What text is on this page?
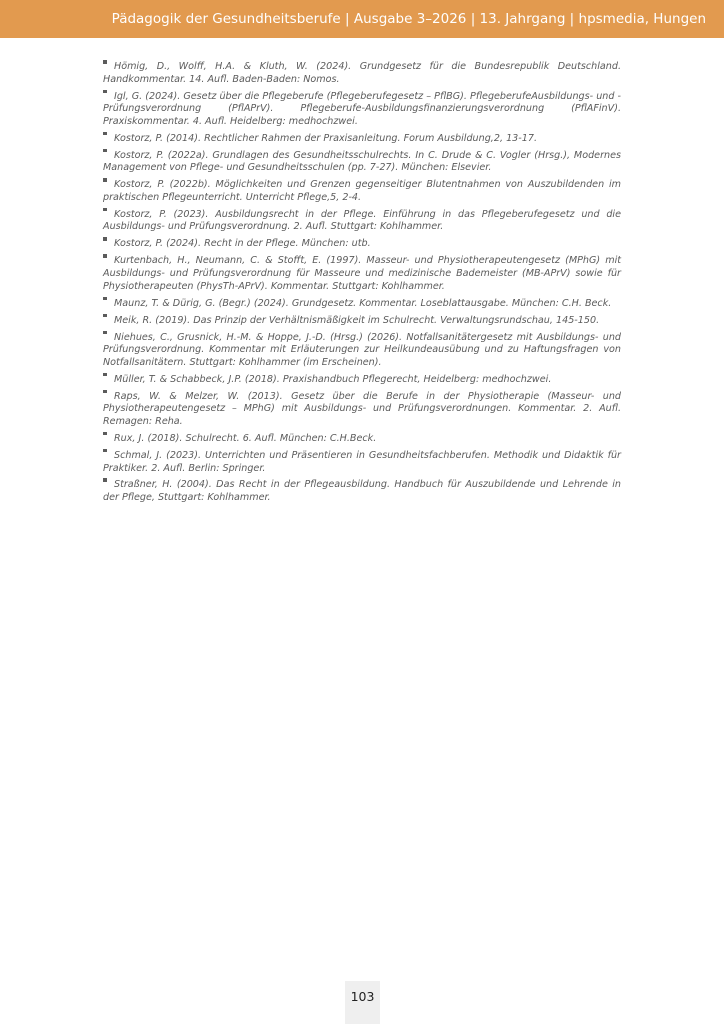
Pädagogik der Gesundheitsberufe | Ausgabe 3–2026 | 13. Jahrgang | hpsmedia, Hungen
Hömig, D., Wolff, H.A. & Kluth, W. (2024). Grundgesetz für die Bundesrepublik Deutschland. Handkommentar. 14. Aufl. Baden-Baden: Nomos.
Igl, G. (2024). Gesetz über die Pflegeberufe (Pflegeberufegesetz – PflBG). PflegeberufeAusbildungs- und -Prüfungsverordnung (PflAPrV). Pflegeberufe-Ausbildungsfinanzierungsverordnung (PflAFinV). Praxiskommentar. 4. Aufl. Heidelberg: medhochzwei.
Kostorz, P. (2014). Rechtlicher Rahmen der Praxisanleitung. Forum Ausbildung,2, 13-17.
Kostorz, P. (2022a). Grundlagen des Gesundheitsschulrechts. In C. Drude & C. Vogler (Hrsg.), Modernes Management von Pflege- und Gesundheitsschulen (pp. 7-27). München: Elsevier.
Kostorz, P. (2022b). Möglichkeiten und Grenzen gegenseitiger Blutentnahmen von Auszubildenden im praktischen Pflegeunterricht. Unterricht Pflege,5, 2-4.
Kostorz, P. (2023). Ausbildungsrecht in der Pflege. Einführung in das Pflegeberufegesetz und die Ausbildungs- und Prüfungsverordnung. 2. Aufl. Stuttgart: Kohlhammer.
Kostorz, P. (2024). Recht in der Pflege. München: utb.
Kurtenbach, H., Neumann, C. & Stofft, E. (1997). Masseur- und Physiotherapeutengesetz (MPhG) mit Ausbildungs- und Prüfungsverordnung für Masseure und medizinische Bademeister (MB-APrV) sowie für Physiotherapeuten (PhysTh-APrV). Kommentar. Stuttgart: Kohlhammer.
Maunz, T. & Dürig, G. (Begr.) (2024). Grundgesetz. Kommentar. Loseblattausgabe. München: C.H. Beck.
Meik, R. (2019). Das Prinzip der Verhältnismäßigkeit im Schulrecht. Verwaltungsrundschau, 145-150.
Niehues, C., Grusnick, H.-M. & Hoppe, J.-D. (Hrsg.) (2026). Notfallsanitätergesetz mit Ausbildungs- und Prüfungsverordnung. Kommentar mit Erläuterungen zur Heilkundeausübung und zu Haftungsfragen von Notfallsanitätern. Stuttgart: Kohlhammer (im Erscheinen).
Müller, T. & Schabbeck, J.P. (2018). Praxishandbuch Pflegerecht, Heidelberg: medhochzwei.
Raps, W. & Melzer, W. (2013). Gesetz über die Berufe in der Physiotherapie (Masseur- und Physiotherapeutengesetz – MPhG) mit Ausbildungs- und Prüfungsverordnungen. Kommentar. 2. Aufl. Remagen: Reha.
Rux, J. (2018). Schulrecht. 6. Aufl. München: C.H.Beck.
Schmal, J. (2023). Unterrichten und Präsentieren in Gesundheitsfachberufen. Methodik und Didaktik für Praktiker. 2. Aufl. Berlin: Springer.
Straßner, H. (2004). Das Recht in der Pflegeausbildung. Handbuch für Auszubildende und Lehrende in der Pflege, Stuttgart: Kohlhammer.
103
